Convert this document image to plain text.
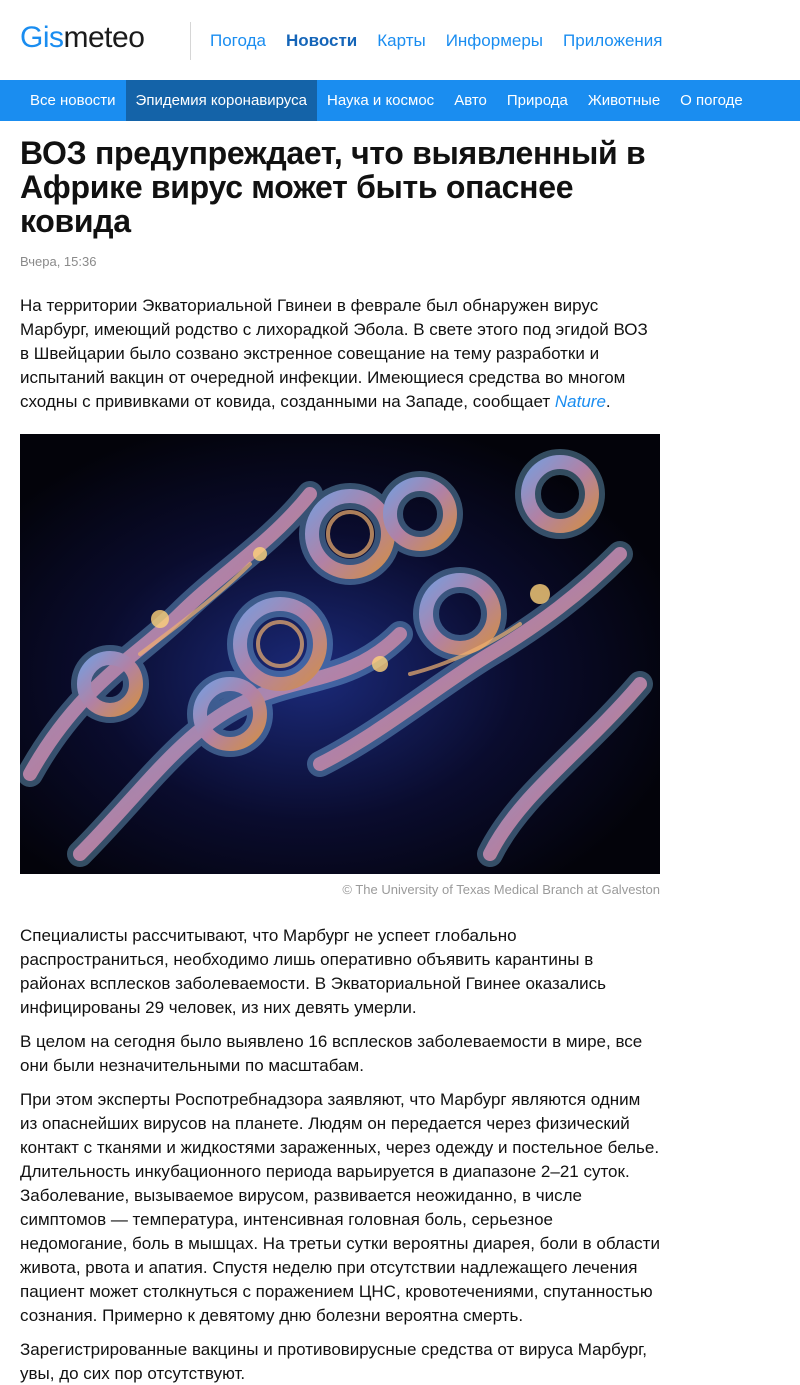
Gismeteo	Погода Новости Карты Информеры Приложения
Все новости	Эпидемия коронавируса	Наука и космос	Авто	Природа	Животные	О погоде
ВОЗ предупреждает, что выявленный в Африке вирус может быть опаснее ковида
Вчера, 15:36

На территории Экваториальной Гвинеи в феврале был обнаружен вирус Марбург, имеющий родство с лихорадкой Эбола. В свете этого под эгидой ВОЗ в Швейцарии было созвано экстренное совещание на тему разработки и испытаний вакцин от очередной инфекции. Имеющиеся средства во многом сходны с прививками от ковида, созданными на Западе, сообщает Nature.

© The University of Texas Medical Branch at Galveston

Специалисты рассчитывают, что Марбург не успеет глобально распространиться, необходимо лишь оперативно объявить карантины в районах всплесков заболеваемости. В Экваториальной Гвинее оказались инфицированы 29 человек, из них девять умерли.

В целом на сегодня было выявлено 16 всплесков заболеваемости в мире, все они были незначительными по масштабам.

При этом эксперты Роспотребнадзора заявляют, что Марбург являются одним из опаснейших вирусов на планете. Людям он передается через физический контакт с тканями и жидкостями зараженных, через одежду и постельное белье. Длительность инкубационного периода варьируется в диапазоне 2–21 суток. Заболевание, вызываемое вирусом, развивается неожиданно, в числе симптомов — температура, интенсивная головная боль, серьезное недомогание, боль в мышцах. На третьи сутки вероятны диарея, боли в области живота, рвота и апатия. Спустя неделю при отсутствии надлежащего лечения пациент может столкнуться с поражением ЦНС, кровотечениями, спутанностью сознания. Примерно к девятому дню болезни вероятна смерть.

Зарегистрированные вакцины и противовирусные средства от вируса Марбург, увы, до сих пор отсутствуют.
